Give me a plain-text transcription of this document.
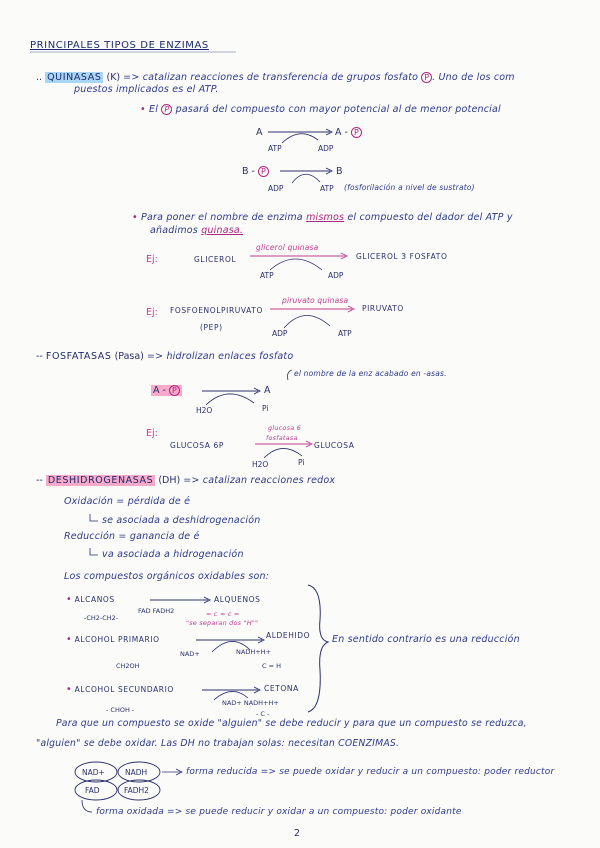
PRINCIPALES TIPOS DE ENZIMAS
.. QUINASAS (K) => catalizan reacciones de transferencia de grupos fosfato P . Uno de los com
puestos implicados es el ATP.
• El P pasará del compuesto con mayor potencial al de menor potencial
A	A - P
ATP	ADP
B - P	B
ADP	ATP (fosforilación a nivel de sustrato)
• Para poner el nombre de enzima mismos el compuesto del dador del ATP y
añadimos quinasa.
Ej:
glicerol quinasa
GLICEROL	GLICEROL 3 FOSFATO
ATP	ADP
Ej:
piruvato quinasa
FOSFOENOLPIRUVATO	PIRUVATO
(PEP)
ADP	ATP
-- FOSFATASAS (Pasa) => hidrolizan enlaces fosfato
el nombre de la enz acabado en -asas.
A - P	A
H2O	Pi
Ej:	glucosa 6
fosfatasa
GLUCOSA 6P	GLUCOSA
H2O	Pi
-- DESHIDROGENASAS (DH) => catalizan reacciones redox
Oxidación = pérdida de é
se asociada a deshidrogenación
Reducción = ganancia de é
va asociada a hidrogenación
Los compuestos orgánicos oxidables son:
• ALCANOS	ALQUENOS
FAD FADH2
-CH2-CH2-	= c = c =
"se separan dos "H""
• ALCOHOL PRIMARIO	ALDEHIDO
NAD+	NADH+H+
CH2OH	C = H
• ALCOHOL SECUNDARIO	CETONA
NAD+ NADH+H+
- CHOH -	- C -
En sentido contrario es una reducción
Para que un compuesto se oxide "alguien" se debe reducir y para que un compuesto se reduzca,
"alguien" se debe oxidar. Las DH no trabajan solas: necesitan COENZIMAS.
NAD+	NADH
FAD	FADH2
forma reducida => se puede oxidar y reducir a un compuesto: poder reductor
forma oxidada => se puede reducir y oxidar a un compuesto: poder oxidante
2
